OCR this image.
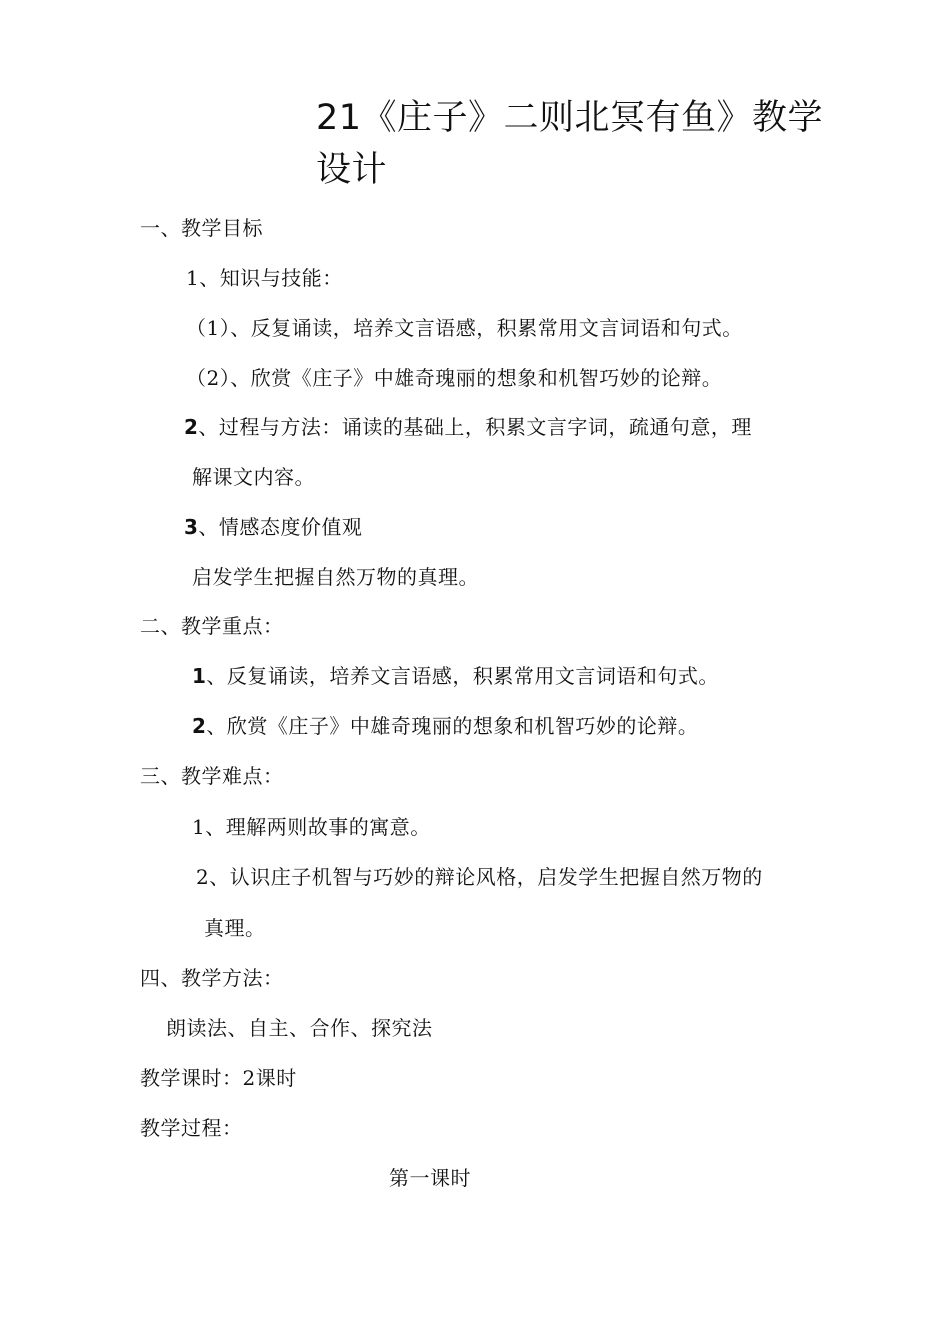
21《庄子》二则北冥有鱼》教学
设计
一、教学目标
1、知识与技能：
（1）、反复诵读，培养文言语感，积累常用文言词语和句式。
（2）、欣赏《庄子》中雄奇瑰丽的想象和机智巧妙的论辩。
2、过程与方法：诵读的基础上，积累文言字词，疏通句意，理
解课文内容。
3、情感态度价值观
启发学生把握自然万物的真理。
二、教学重点：
1、反复诵读，培养文言语感，积累常用文言词语和句式。
2、欣赏《庄子》中雄奇瑰丽的想象和机智巧妙的论辩。
三、教学难点：
1、理解两则故事的寓意。
2、认识庄子机智与巧妙的辩论风格，启发学生把握自然万物的
真理。
四、教学方法：
朗读法、自主、合作、探究法
教学课时：2课时
教学过程：
第一课时
